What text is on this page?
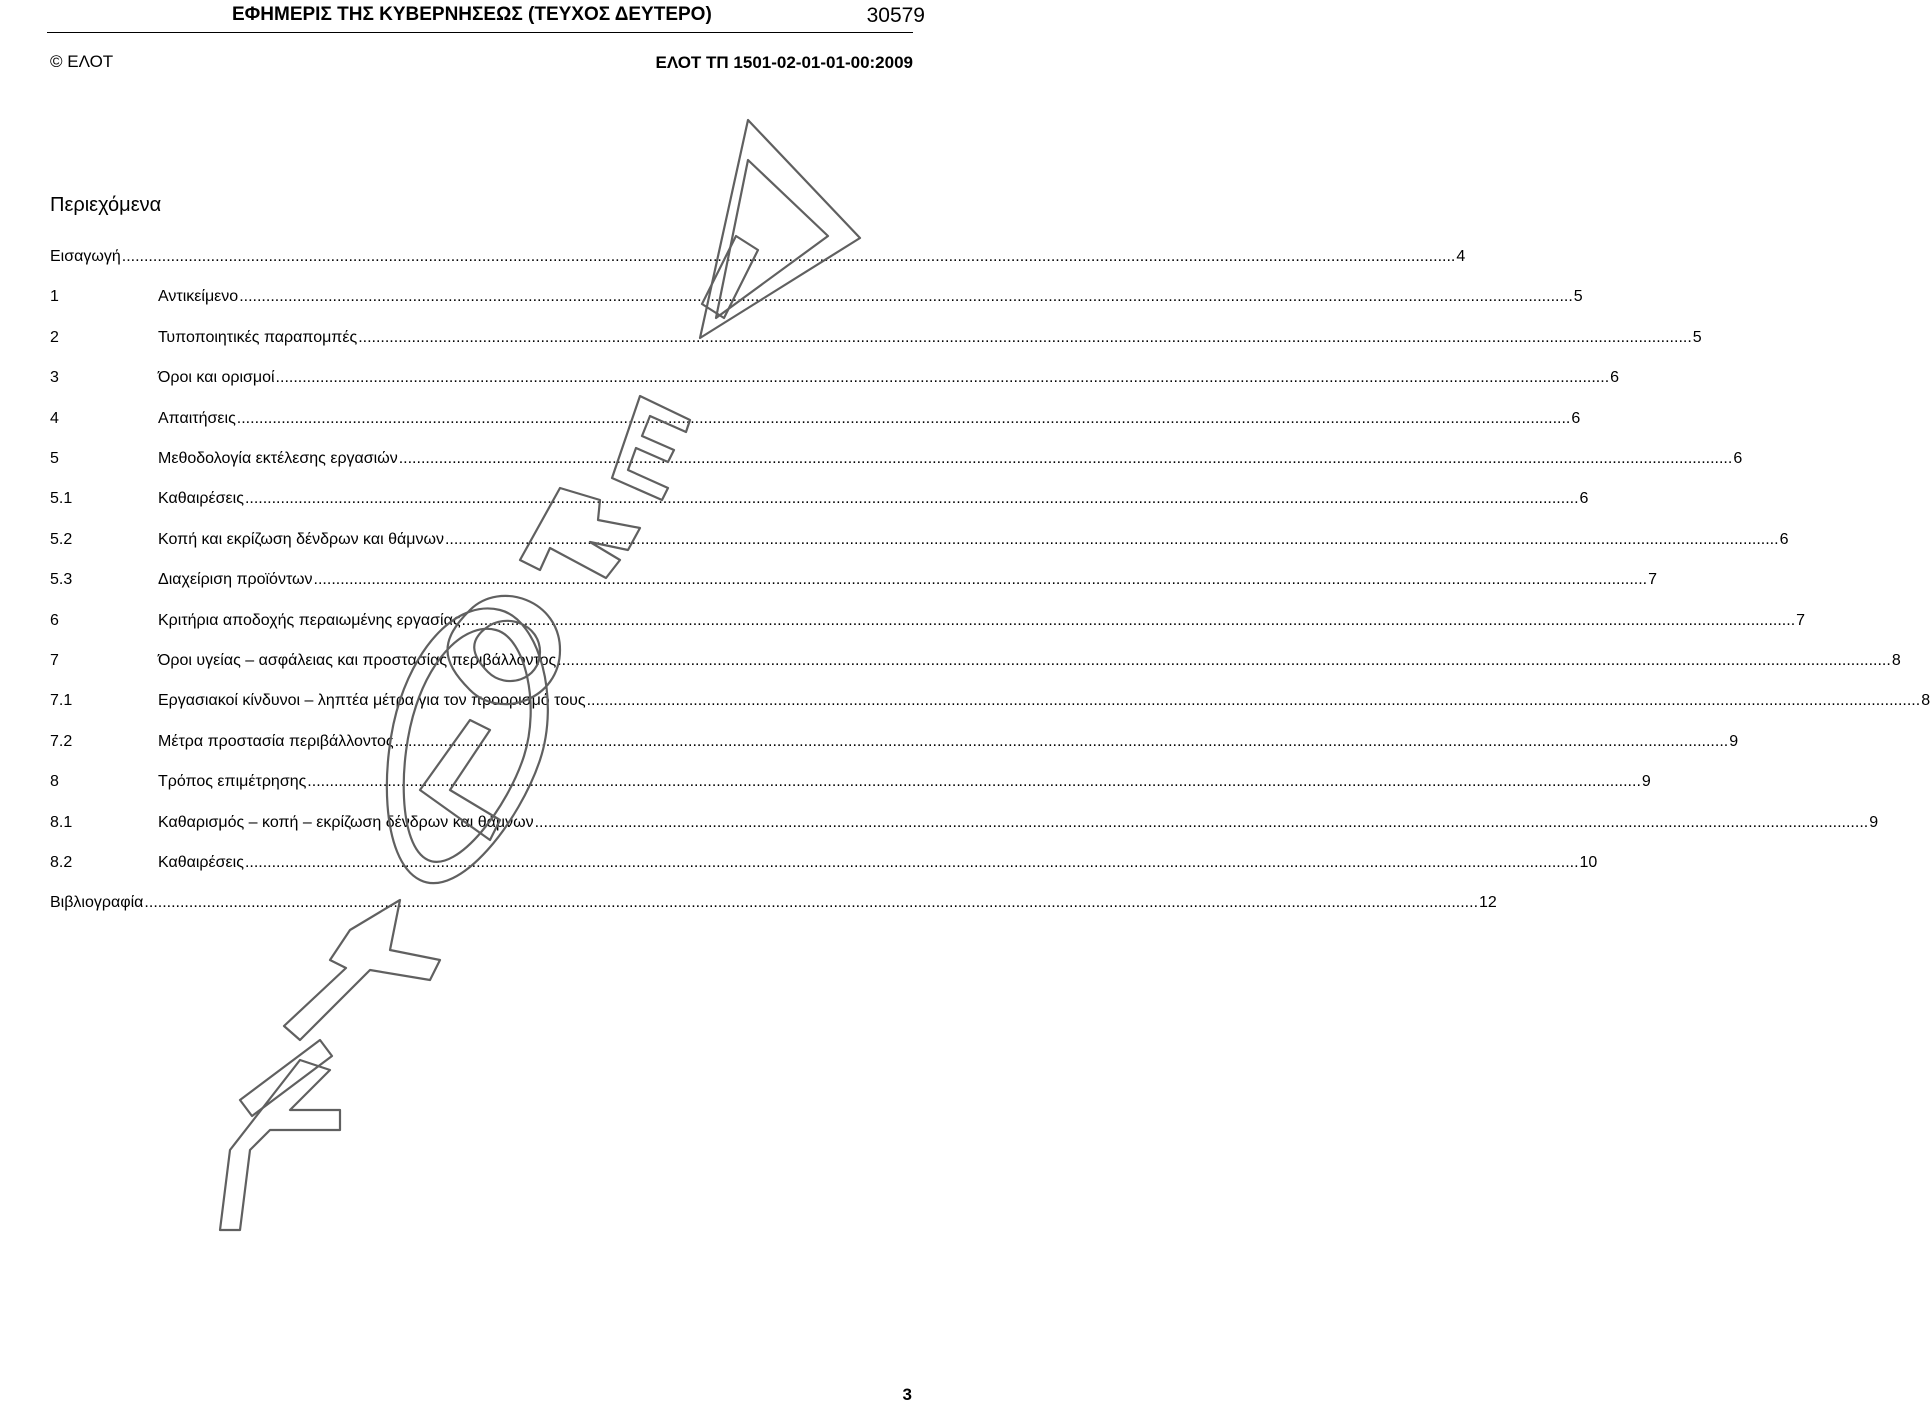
ΕΦΗΜΕΡΙΣ ΤΗΣ ΚΥΒΕΡΝΗΣΕΩΣ (ΤΕΥΧΟΣ ΔΕΥΤΕΡΟ)	30579
© ΕΛΟΤ	ΕΛΟΤ ΤΠ 1501-02-01-01-00:2009
Περιεχόμενα
Εισαγωγή ............................................................................................................................................................................................................................................................................................................ 4
1	Αντικείμενο ............................................................................................................................................................................................................................................................................................................ 5
2	Τυποποιητικές παραπομπές ............................................................................................................................................................................................................................................................................................................ 5
3	Όροι και ορισμοί ............................................................................................................................................................................................................................................................................................................ 6
4	Απαιτήσεις ............................................................................................................................................................................................................................................................................................................ 6
5	Μεθοδολογία εκτέλεσης εργασιών ............................................................................................................................................................................................................................................................................................................ 6
5.1	Καθαιρέσεις ............................................................................................................................................................................................................................................................................................................ 6
5.2	Κοπή και εκρίζωση δένδρων και θάμνων ............................................................................................................................................................................................................................................................................................................ 6
5.3	Διαχείριση προϊόντων ............................................................................................................................................................................................................................................................................................................ 7
6	Κριτήρια αποδοχής περαιωμένης εργασίας ............................................................................................................................................................................................................................................................................................................ 7
7	Όροι υγείας – ασφάλειας και προστασίας περιβάλλοντος ............................................................................................................................................................................................................................................................................................................ 8
7.1	Εργασιακοί κίνδυνοι – ληπτέα μέτρα για τον προορισμό τους ............................................................................................................................................................................................................................................................................................................ 8
7.2	Μέτρα προστασία περιβάλλοντος ............................................................................................................................................................................................................................................................................................................ 9
8	Τρόπος επιμέτρησης ............................................................................................................................................................................................................................................................................................................ 9
8.1	Καθαρισμός – κοπή – εκρίζωση δένδρων και θάμνων ............................................................................................................................................................................................................................................................................................................ 9
8.2	Καθαιρέσεις ............................................................................................................................................................................................................................................................................................................ 10
Βιβλιογραφία ............................................................................................................................................................................................................................................................................................................ 12
3
